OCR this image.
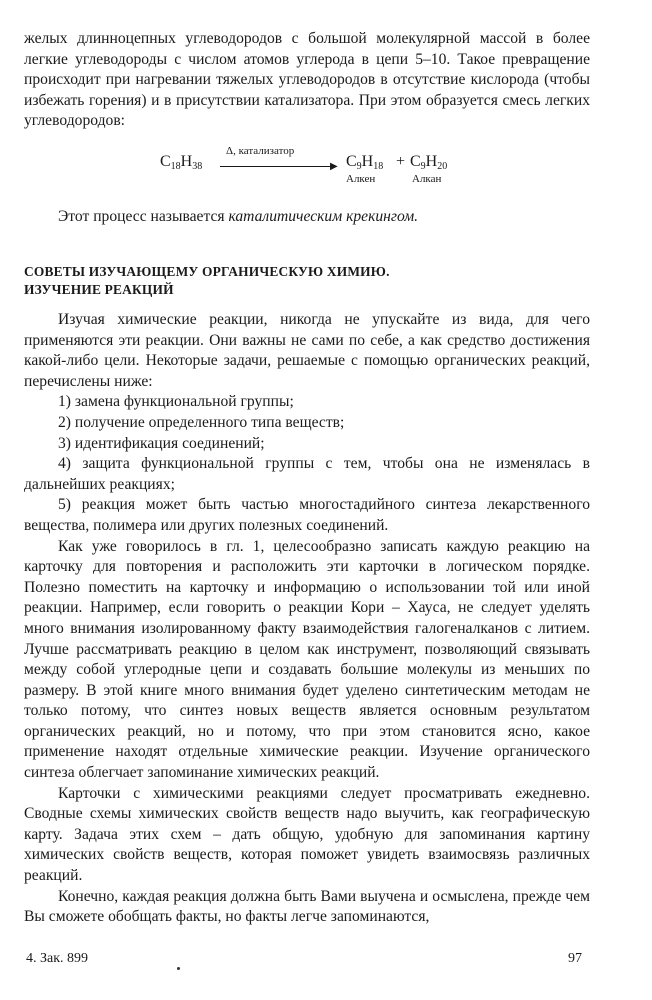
желых длинноцепных углеводородов с большой молекулярной массой в более легкие углеводороды с числом атомов углерода в цепи 5–10. Такое превращение происходит при нагревании тяжелых углеводородов в отсутствие кислорода (чтобы избежать горения) и в присутствии катализатора. При этом образуется смесь легких углеводородов:

$C_{18}H_{38}$
Δ, катализатор
▶ $C_9H_{18} + C_9H_{20}$
Алкен	Алкан

Этот процесс называется каталитическим крекингом.

СОВЕТЫ ИЗУЧАЮЩЕМУ ОРГАНИЧЕСКУЮ ХИМИЮ.
ИЗУЧЕНИЕ РЕАКЦИЙ

Изучая химические реакции, никогда не упускайте из вида, для чего применяются эти реакции. Они важны не сами по себе, а как средство достижения какой-либо цели. Некоторые задачи, решаемые с помощью органических реакций, перечислены ниже:

1) замена функциональной группы;

2) получение определенного типа веществ;

3) идентификация соединений;

4) защита функциональной группы с тем, чтобы она не изменялась в дальнейших реакциях;

5) реакция может быть частью многостадийного синтеза лекарственного вещества, полимера или других полезных соединений.

Как уже говорилось в гл. 1, целесообразно записать каждую реакцию на карточку для повторения и расположить эти карточки в логическом порядке. Полезно поместить на карточку и информацию о использовании той или иной реакции. Например, если говорить о реакции Кори – Хауса, не следует уделять много внимания изолированному факту взаимодействия галогеналканов с литием. Лучше рассматривать реакцию в целом как инструмент, позволяющий связывать между собой углеродные цепи и создавать большие молекулы из меньших по размеру. В этой книге много внимания будет уделено синтетическим методам не только потому, что синтез новых веществ является основным результатом органических реакций, но и потому, что при этом становится ясно, какое применение находят отдельные химические реакции. Изучение органического синтеза облегчает запоминание химических реакций.

Карточки с химическими реакциями следует просматривать ежедневно. Сводные схемы химических свойств веществ надо выучить, как географическую карту. Задача этих схем – дать общую, удобную для запоминания картину химических свойств веществ, которая поможет увидеть взаимосвязь различных реакций.

Конечно, каждая реакция должна быть Вами выучена и осмыслена, прежде чем Вы сможете обобщать факты, но факты легче запоминаются,

4. Зак. 899	97
